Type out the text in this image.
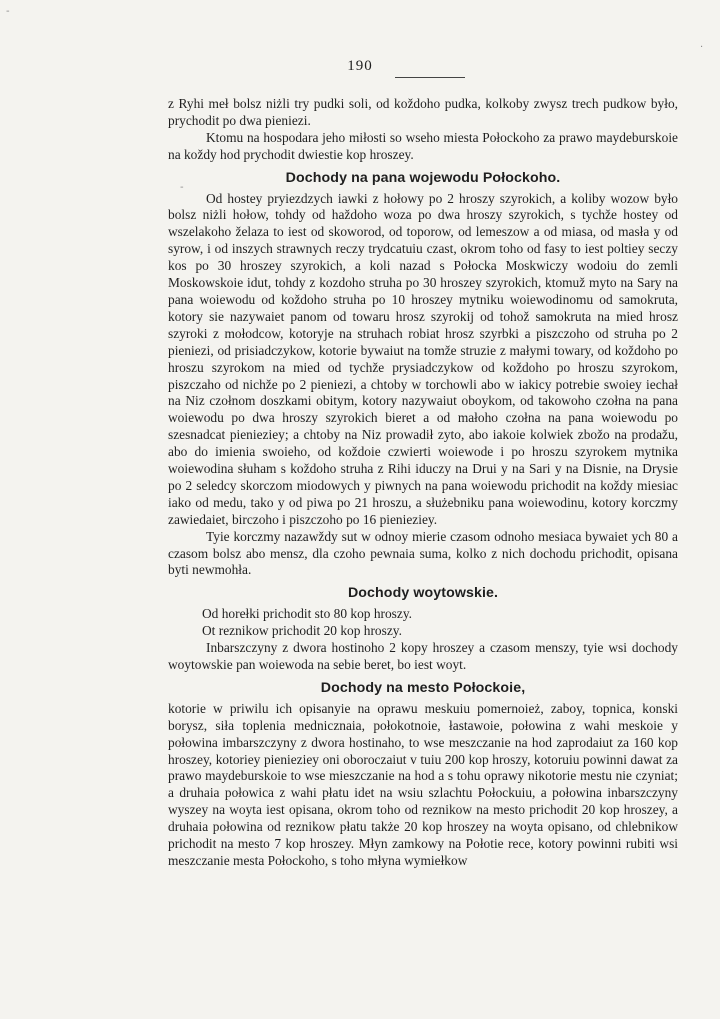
-
·
-
190

z Ryhi meł bolsz niżli try pudki soli, od koždoho pudka, kolkoby zwysz trech pudkow było, prychodit po dwa pieniezi.

Ktomu na hospodara jeho miłosti so wseho miesta Połockoho za prawo maydeburskoie na koždy hod prychodit dwiestie kop hroszey.

Dochody na pana wojewodu Połockoho.

Od hostey pryiezdzych iawki z hołowy po 2 hroszy szyrokich, a koliby wozow było bolsz niżli hołow, tohdy od haždoho woza po dwa hroszy szyrokich, s tychže hostey od wszelakoho želaza to iest od skoworod, od toporow, od lemeszow a od miasa, od masła y od syrow, i od inszych strawnych reczy trydcatuiu czast, okrom toho od fasy to iest poltiey seczy kos po 30 hroszey szyrokich, a koli nazad s Połocka Moskwiczy wodoiu do zemli Moskowskoie idut, tohdy z kozdoho struha po 30 hroszey szyrokich, ktomuž myto na Sary na pana woiewodu od koždoho struha po 10 hroszey mytniku woiewodinomu od samokruta, kotory sie nazywaiet panom od towaru hrosz szyrokij od tohož samokruta na mied hrosz szyroki z mołodcow, kotoryje na struhach robiat hrosz szyrbki a piszczoho od struha po 2 pieniezi, od prisiadczykow, kotorie bywaiut na tomže struzie z małymi towary, od koždoho po hroszu szyrokom na mied od tychže prysiadczykow od koždoho po hroszu szyrokom, piszczaho od nichže po 2 pieniezi, a chtoby w torchowli abo w iakicy potrebie swoiey iechał na Niz czołnom doszkami obitym, kotory nazywaiut oboykom, od takowoho czołna na pana woiewodu po dwa hroszy szyrokich bieret a od małoho czołna na pana woiewodu po szesnadcat pienieziey; a chtoby na Niz prowadił zyto, abo iakoie kolwiek zbožo na prodažu, abo do imienia swoieho, od koždoie czwierti woiewode i po hroszu szyrokem mytnika woiewodina słuham s koždoho struha z Rihi iduczy na Drui y na Sari y na Disnie, na Drysie po 2 seledcy skorczom miodowych y piwnych na pana woiewodu prichodit na koždy miesiac iako od medu, tako y od piwa po 21 hroszu, a służebniku pana woiewodinu, kotory korczmy zawiedaiet, birczoho i piszczoho po 16 pienieziey.

Tyie korczmy nazawždy sut w odnoy mierie czasom odnoho mesiaca bywaiet ych 80 a czasom bolsz abo mensz, dla czoho pewnaia suma, kolko z nich dochodu prichodit, opisana byti newmohła.

Dochody woytowskie.

Od horełki prichodit sto 80 kop hroszy.

Ot reznikow prichodit 20 kop hroszy.

Inbarszczyny z dwora hostinoho 2 kopy hroszey a czasom menszy, tyie wsi dochody woytowskie pan woiewoda na sebie beret, bo iest woyt.

Dochody na mesto Połockoie,

kotorie w priwilu ich opisanyie na oprawu meskuiu pomernoież, zaboy, topnica, konski borysz, siła toplenia mednicznaia, połokotnoie, łastawoie, połowina z wahi meskoie y połowina imbarszczyny z dwora hostinaho, to wse meszczanie na hod zaprodaiut za 160 kop hroszey, kotoriey pienieziey oni oboroczaiut v tuiu 200 kop hroszy, kotoruiu powinni dawat za prawo maydeburskoie to wse mieszczanie na hod a s tohu oprawy nikotorie mestu nie czyniat; a druhaia połowica z wahi płatu idet na wsiu szlachtu Połockuiu, a połowina inbarszczyny wyszey na woyta iest opisana, okrom toho od reznikow na mesto prichodit 20 kop hroszey, a druhaia połowina od reznikow płatu także 20 kop hroszey na woyta opisano, od chlebnikow prichodit na mesto 7 kop hroszey. Młyn zamkowy na Połotie rece, kotory powinni rubiti wsi meszczanie mesta Połockoho, s toho młyna wymiełkow
